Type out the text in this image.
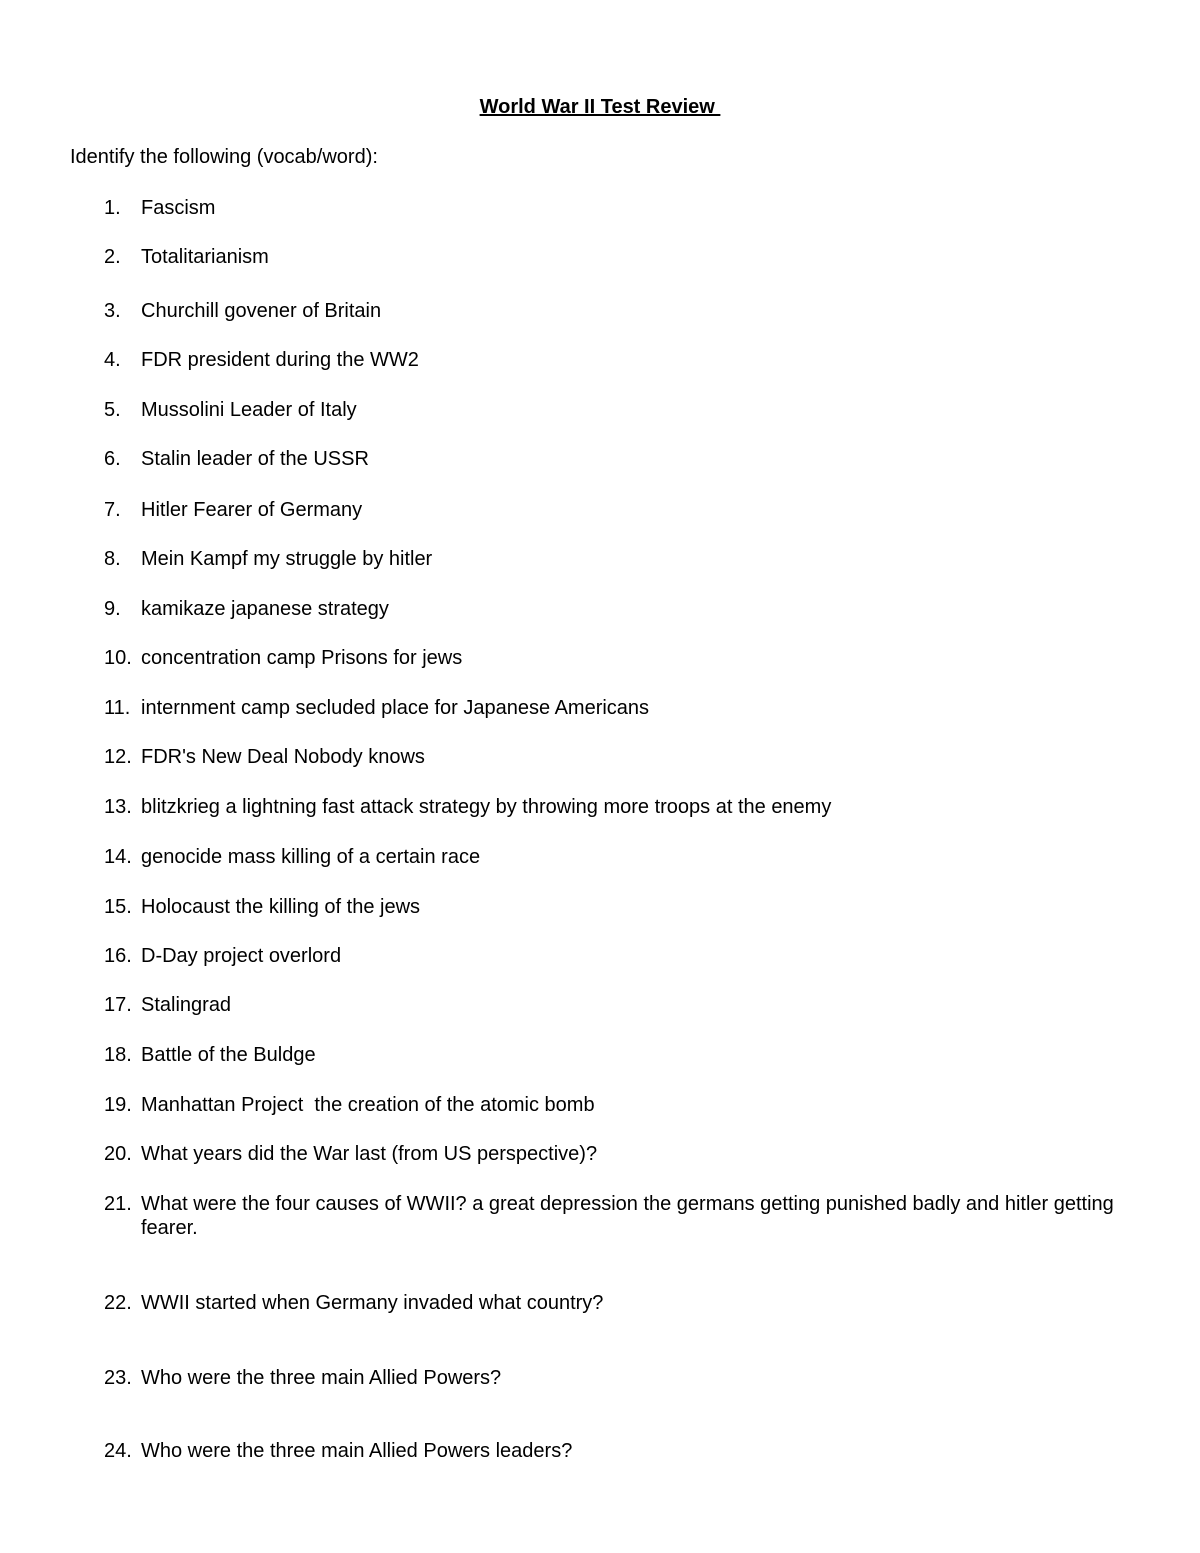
World War II Test Review
Identify the following (vocab/word):
1.	Fascism
2.	Totalitarianism
3.	Churchill govener of Britain
4.	FDR president during the WW2
5.	Mussolini Leader of Italy
6.	Stalin leader of the USSR
7.	Hitler Fearer of Germany
8.	Mein Kampf my struggle by hitler
9.	kamikaze japanese strategy
10. concentration camp Prisons for jews
11. internment camp secluded place for Japanese Americans
12. FDR's New Deal Nobody knows
13. blitzkrieg a lightning fast attack strategy by throwing more troops at the enemy
14. genocide mass killing of a certain race
15. Holocaust the killing of the jews
16. D-Day project overlord
17. Stalingrad
18. Battle of the Buldge
19. Manhattan Project  the creation of the atomic bomb
20. What years did the War last (from US perspective)?
21. What were the four causes of WWII? a great depression the germans getting punished badly and hitler getting fearer.
22. WWII started when Germany invaded what country?
23. Who were the three main Allied Powers?
24. Who were the three main Allied Powers leaders?
